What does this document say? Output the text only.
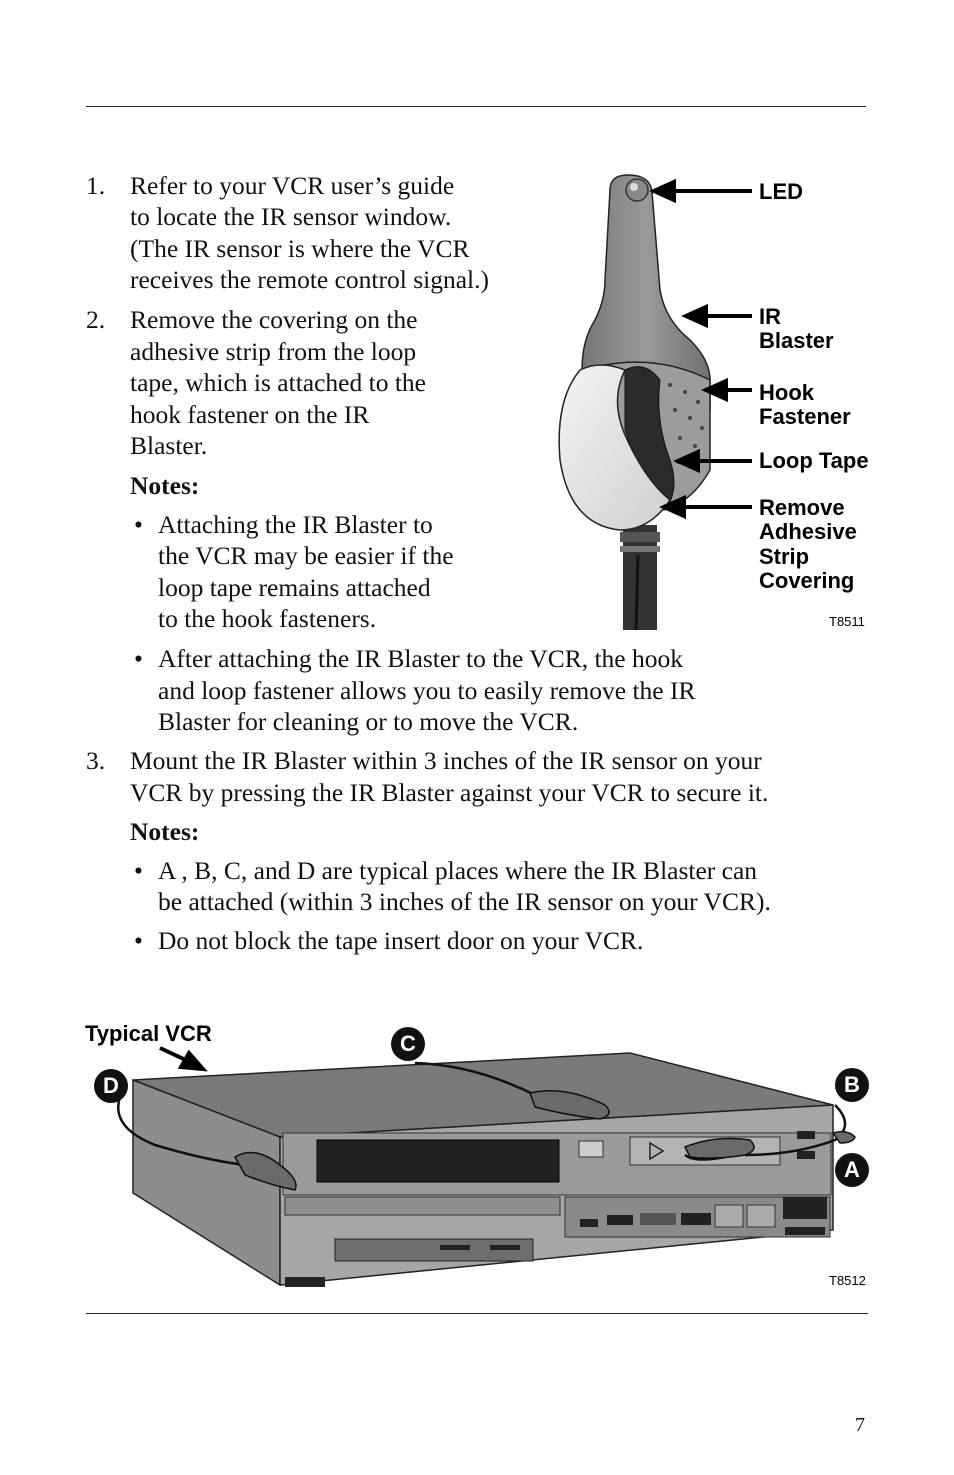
1. Refer to your VCR user’s guide
to locate the IR sensor window.
(The IR sensor is where the VCR
receives the remote control signal.)
2. Remove the covering on the
adhesive strip from the loop
tape, which is attached to the
hook fastener on the IR
Blaster.
Notes:
• Attaching the IR Blaster to
the VCR may be easier if the
loop tape remains attached
to the hook fasteners.
• After attaching the IR Blaster to the VCR, the hook
and loop fastener allows you to easily remove the IR
Blaster for cleaning or to move the VCR.
3. Mount the IR Blaster within 3 inches of the IR sensor on your
VCR by pressing the IR Blaster against your VCR to secure it.
Notes:
• A , B, C, and D are typical places where the IR Blaster can
be attached (within 3 inches of the IR sensor on your VCR).
• Do not block the tape insert door on your VCR.
LED
IR
Blaster
Hook
Fastener
Loop Tape
Remove
Adhesive
Strip
Covering
T8511
Typical VCR	C
D	B
A
T8512
7
